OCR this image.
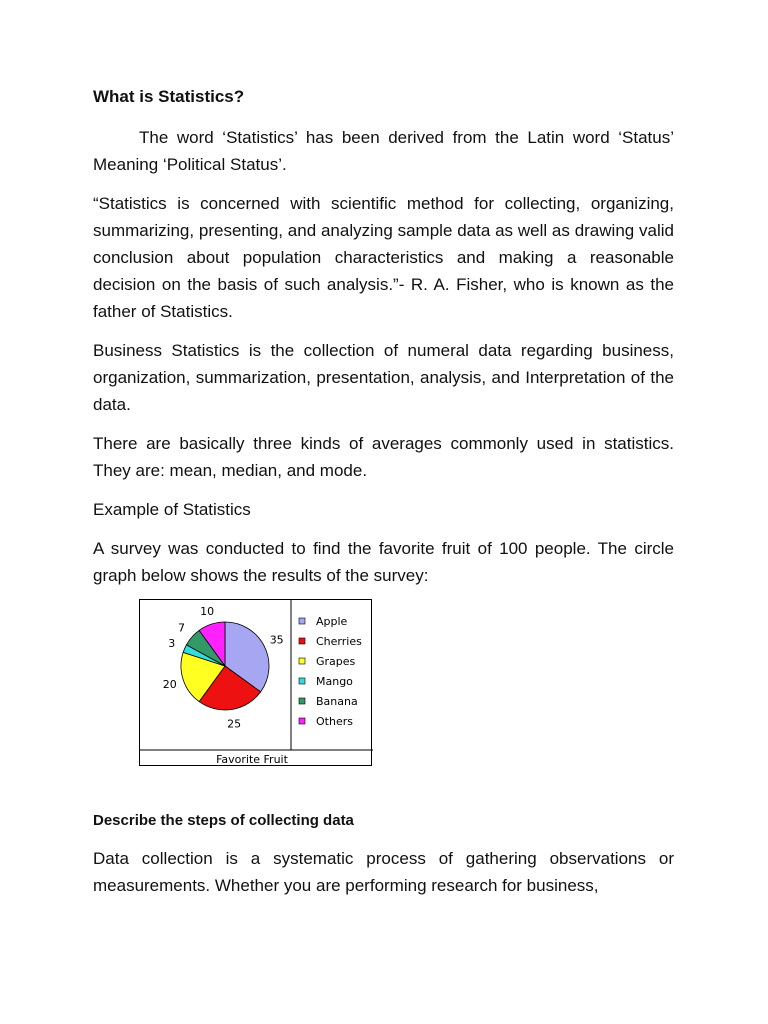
What is Statistics?

The word ‘Statistics’ has been derived from the Latin word ‘Status’ Meaning ‘Political Status’.

“Statistics is concerned with scientific method for collecting, organizing, summarizing, presenting, and analyzing sample data as well as drawing valid conclusion about population characteristics and making a reasonable decision on the basis of such analysis.”- R. A. Fisher, who is known as the father of Statistics.

Business Statistics is the collection of numeral data regarding business, organization, summarization, presentation, analysis, and Interpretation of the data.

There are basically three kinds of averages commonly used in statistics. They are: mean, median, and mode.

Example of Statistics

A survey was conducted to find the favorite fruit of 100 people. The circle graph below shows the results of the survey:

35
25
20
3
7
10
Apple
Cherries
Grapes
Mango
Banana
Others
Favorite Fruit
Describe the steps of collecting data

Data collection is a systematic process of gathering observations or measurements. Whether you are performing research for business,
